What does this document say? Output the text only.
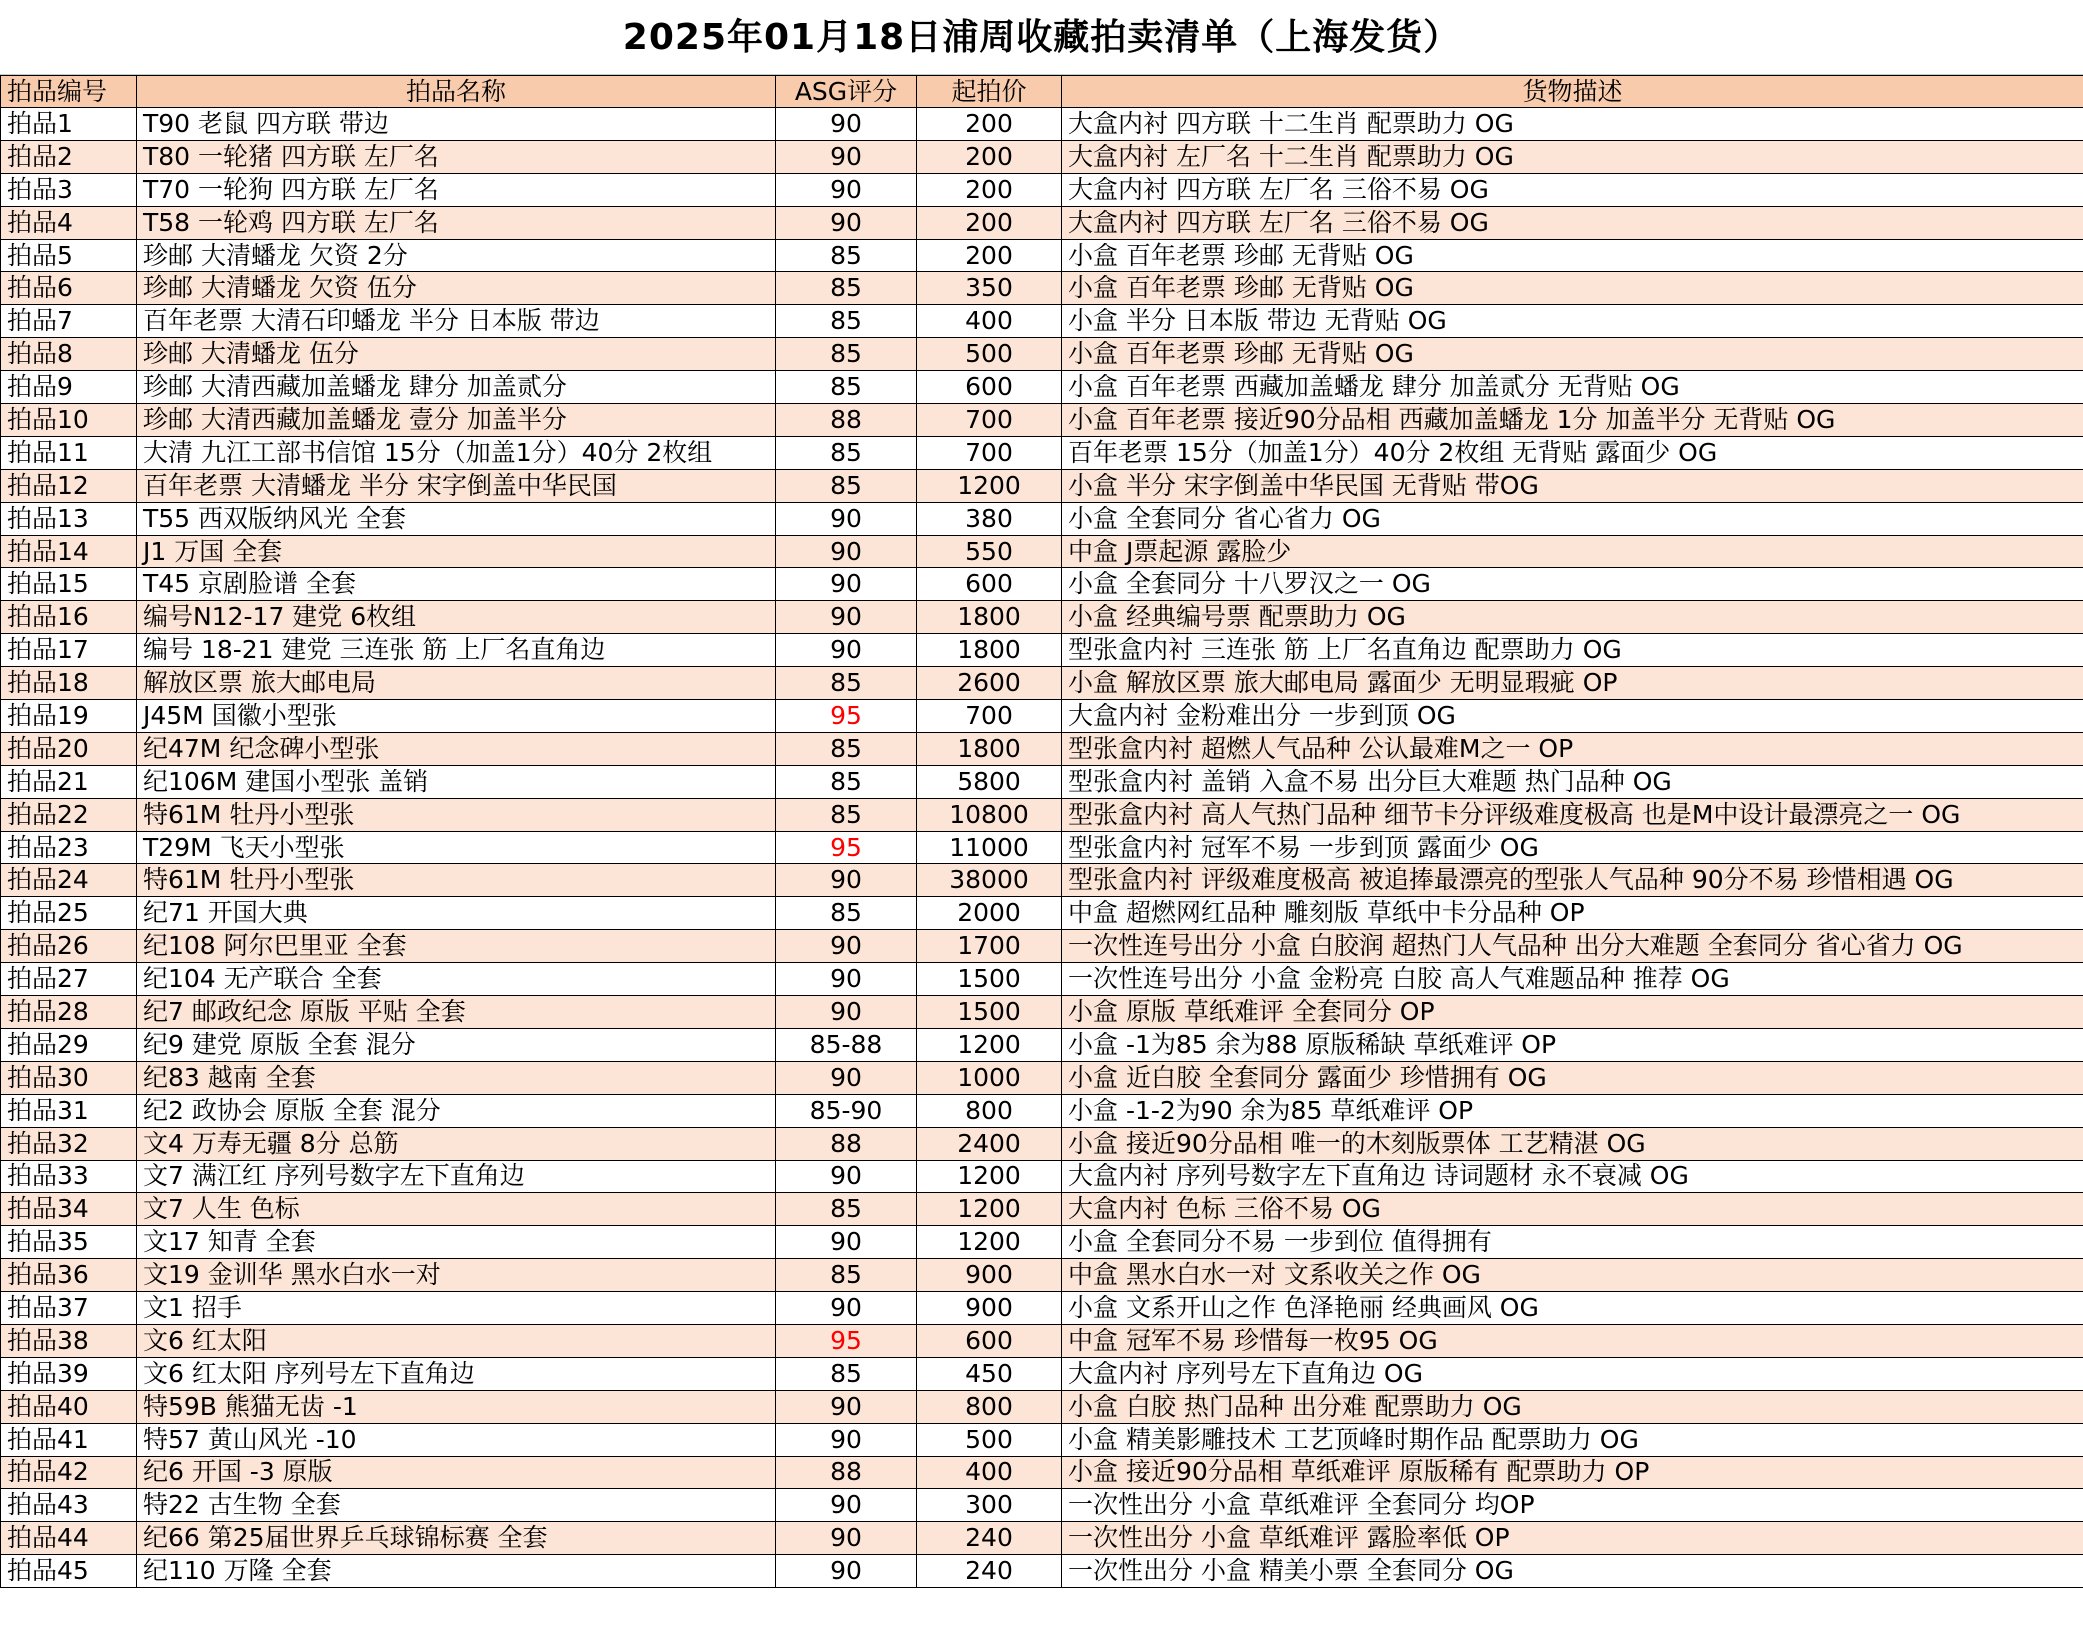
2025年01月18日浦周收藏拍卖清单（上海发货）
拍品编号	拍品名称	ASG评分	起拍价	货物描述
拍品1	T90 老鼠 四方联 带边	90	200	大盒内衬 四方联 十二生肖 配票助力 OG
拍品2	T80 一轮猪 四方联 左厂名	90	200	大盒内衬 左厂名 十二生肖 配票助力 OG
拍品3	T70 一轮狗 四方联 左厂名	90	200	大盒内衬 四方联 左厂名 三俗不易 OG
拍品4	T58 一轮鸡 四方联 左厂名	90	200	大盒内衬 四方联 左厂名 三俗不易 OG
拍品5	珍邮 大清蟠龙 欠资 2分	85	200	小盒 百年老票 珍邮 无背贴 OG
拍品6	珍邮 大清蟠龙 欠资 伍分	85	350	小盒 百年老票 珍邮 无背贴 OG
拍品7	百年老票 大清石印蟠龙 半分 日本版 带边	85	400	小盒 半分 日本版 带边 无背贴 OG
拍品8	珍邮 大清蟠龙 伍分	85	500	小盒 百年老票 珍邮 无背贴 OG
拍品9	珍邮 大清西藏加盖蟠龙 肆分 加盖贰分	85	600	小盒 百年老票 西藏加盖蟠龙 肆分 加盖贰分 无背贴 OG
拍品10	珍邮 大清西藏加盖蟠龙 壹分 加盖半分	88	700	小盒 百年老票 接近90分品相 西藏加盖蟠龙 1分 加盖半分 无背贴 OG
拍品11	大清 九江工部书信馆 15分（加盖1分）40分 2枚组	85	700	百年老票 15分（加盖1分）40分 2枚组 无背贴 露面少 OG
拍品12	百年老票 大清蟠龙 半分 宋字倒盖中华民国	85	1200	小盒 半分 宋字倒盖中华民国 无背贴 带OG
拍品13	T55 西双版纳风光 全套	90	380	小盒 全套同分 省心省力 OG
拍品14	J1 万国 全套	90	550	中盒 J票起源 露脸少
拍品15	T45 京剧脸谱 全套	90	600	小盒 全套同分 十八罗汉之一 OG
拍品16	编号N12-17 建党 6枚组	90	1800	小盒 经典编号票 配票助力 OG
拍品17	编号 18-21 建党 三连张 筋 上厂名直角边	90	1800	型张盒内衬 三连张 筋 上厂名直角边 配票助力 OG
拍品18	解放区票 旅大邮电局	85	2600	小盒 解放区票 旅大邮电局 露面少 无明显瑕疵 OP
拍品19	J45M 国徽小型张	95	700	大盒内衬 金粉难出分 一步到顶 OG
拍品20	纪47M 纪念碑小型张	85	1800	型张盒内衬 超燃人气品种 公认最难M之一 OP
拍品21	纪106M 建国小型张 盖销	85	5800	型张盒内衬 盖销 入盒不易 出分巨大难题 热门品种 OG
拍品22	特61M 牡丹小型张	85	10800	型张盒内衬 高人气热门品种 细节卡分评级难度极高 也是M中设计最漂亮之一 OG
拍品23	T29M 飞天小型张	95	11000	型张盒内衬 冠军不易 一步到顶 露面少 OG
拍品24	特61M 牡丹小型张	90	38000	型张盒内衬 评级难度极高 被追捧最漂亮的型张人气品种 90分不易 珍惜相遇 OG
拍品25	纪71 开国大典	85	2000	中盒 超燃网红品种 雕刻版 草纸中卡分品种 OP
拍品26	纪108 阿尔巴里亚 全套	90	1700	一次性连号出分 小盒 白胶润 超热门人气品种 出分大难题 全套同分 省心省力 OG
拍品27	纪104 无产联合 全套	90	1500	一次性连号出分 小盒 金粉亮 白胶 高人气难题品种 推荐 OG
拍品28	纪7 邮政纪念 原版 平贴 全套	90	1500	小盒 原版 草纸难评 全套同分 OP
拍品29	纪9 建党 原版 全套 混分	85-88	1200	小盒 -1为85 余为88 原版稀缺 草纸难评 OP
拍品30	纪83 越南 全套	90	1000	小盒 近白胶 全套同分 露面少 珍惜拥有 OG
拍品31	纪2 政协会 原版 全套 混分	85-90	800	小盒 -1-2为90 余为85 草纸难评 OP
拍品32	文4 万寿无疆 8分 总筋	88	2400	小盒 接近90分品相 唯一的木刻版票体 工艺精湛 OG
拍品33	文7 满江红 序列号数字左下直角边	90	1200	大盒内衬 序列号数字左下直角边 诗词题材 永不衰减 OG
拍品34	文7 人生 色标	85	1200	大盒内衬 色标 三俗不易 OG
拍品35	文17 知青 全套	90	1200	小盒 全套同分不易 一步到位 值得拥有
拍品36	文19 金训华 黑水白水一对	85	900	中盒 黑水白水一对 文系收关之作 OG
拍品37	文1 招手	90	900	小盒 文系开山之作 色泽艳丽 经典画风 OG
拍品38	文6 红太阳	95	600	中盒 冠军不易 珍惜每一枚95 OG
拍品39	文6 红太阳 序列号左下直角边	85	450	大盒内衬 序列号左下直角边 OG
拍品40	特59B 熊猫无齿 -1	90	800	小盒 白胶 热门品种 出分难 配票助力 OG
拍品41	特57 黄山风光 -10	90	500	小盒 精美影雕技术 工艺顶峰时期作品 配票助力 OG
拍品42	纪6 开国 -3 原版	88	400	小盒 接近90分品相 草纸难评 原版稀有 配票助力 OP
拍品43	特22 古生物 全套	90	300	一次性出分 小盒 草纸难评 全套同分 均OP
拍品44	纪66 第25届世界乒乓球锦标赛 全套	90	240	一次性出分 小盒 草纸难评 露脸率低 OP
拍品45	纪110 万隆 全套	90	240	一次性出分 小盒 精美小票 全套同分 OG
